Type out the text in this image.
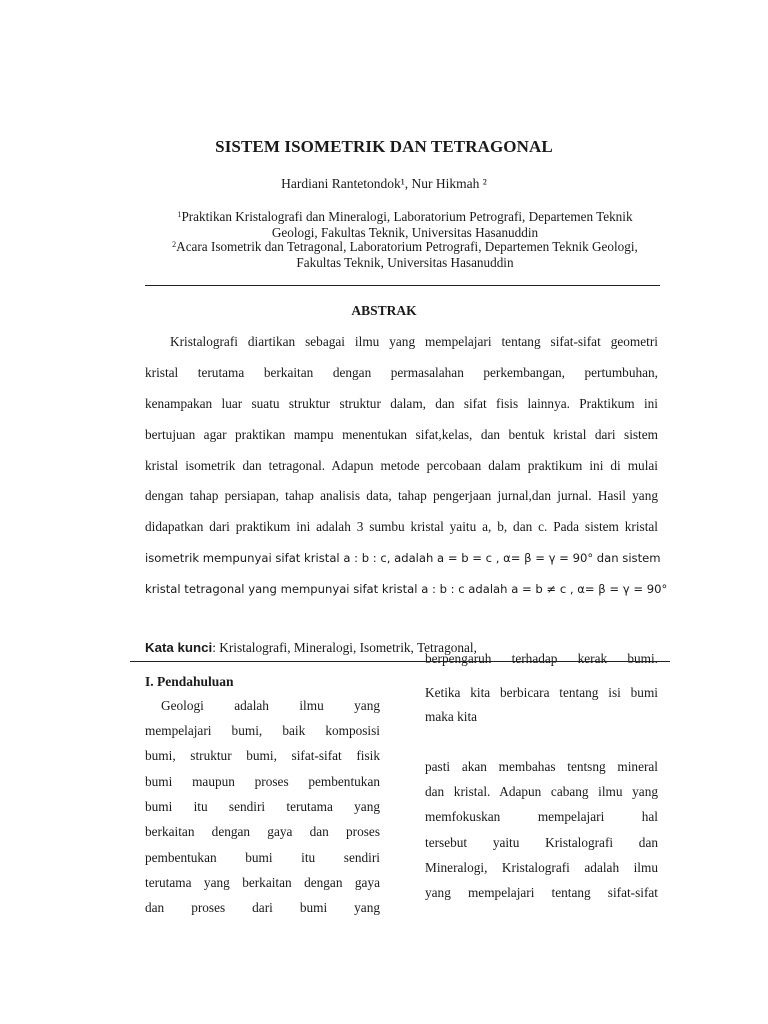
SISTEM ISOMETRIK DAN TETRAGONAL
Hardiani Rantetondok¹, Nur Hikmah ²
$^1$Praktikan Kristalografi dan Mineralogi, Laboratorium Petrografi, Departemen Teknik
Geologi, Fakultas Teknik, Universitas Hasanuddin
$^2$Acara Isometrik dan Tetragonal, Laboratorium Petrografi, Departemen Teknik Geologi,
Fakultas Teknik, Universitas Hasanuddin
ABSTRAK
Kristalografi diartikan sebagai ilmu yang mempelajari tentang sifat-sifat geometri
kristal terutama berkaitan dengan permasalahan perkembangan, pertumbuhan,
kenampakan luar suatu struktur struktur dalam, dan sifat fisis lainnya. Praktikum ini
bertujuan agar praktikan mampu menentukan sifat,kelas, dan bentuk kristal dari sistem
kristal isometrik dan tetragonal. Adapun metode percobaan dalam praktikum ini di mulai
dengan tahap persiapan, tahap analisis data, tahap pengerjaan jurnal,dan jurnal. Hasil yang
didapatkan dari praktikum ini adalah 3 sumbu kristal yaitu a, b, dan c. Pada sistem kristal
isometrik mempunyai sifat kristal a : b : c, adalah a = b = c , α= β = γ = 90° dan sistem
kristal tetragonal yang mempunyai sifat kristal a : b : c adalah a = b ≠ c , α= β = γ = 90°
Kata kunci: Kristalografi, Mineralogi, Isometrik, Tetragonal,
berpengaruh terhadap kerak bumi.
I. Pendahuluan
Geologi adalah ilmu yang
mempelajari bumi, baik komposisi
bumi, struktur bumi, sifat-sifat fisik
bumi maupun proses pembentukan
bumi itu sendiri terutama yang
berkaitan dengan gaya dan proses
pembentukan bumi itu sendiri
terutama yang berkaitan dengan gaya
dan proses dari bumi yang
Ketika kita berbicara tentang isi bumi
maka kita
pasti akan membahas tentsng mineral
dan kristal. Adapun cabang ilmu yang
memfokuskan mempelajari hal
tersebut yaitu Kristalografi dan
Mineralogi, Kristalografi adalah ilmu
yang mempelajari tentang sifat-sifat
